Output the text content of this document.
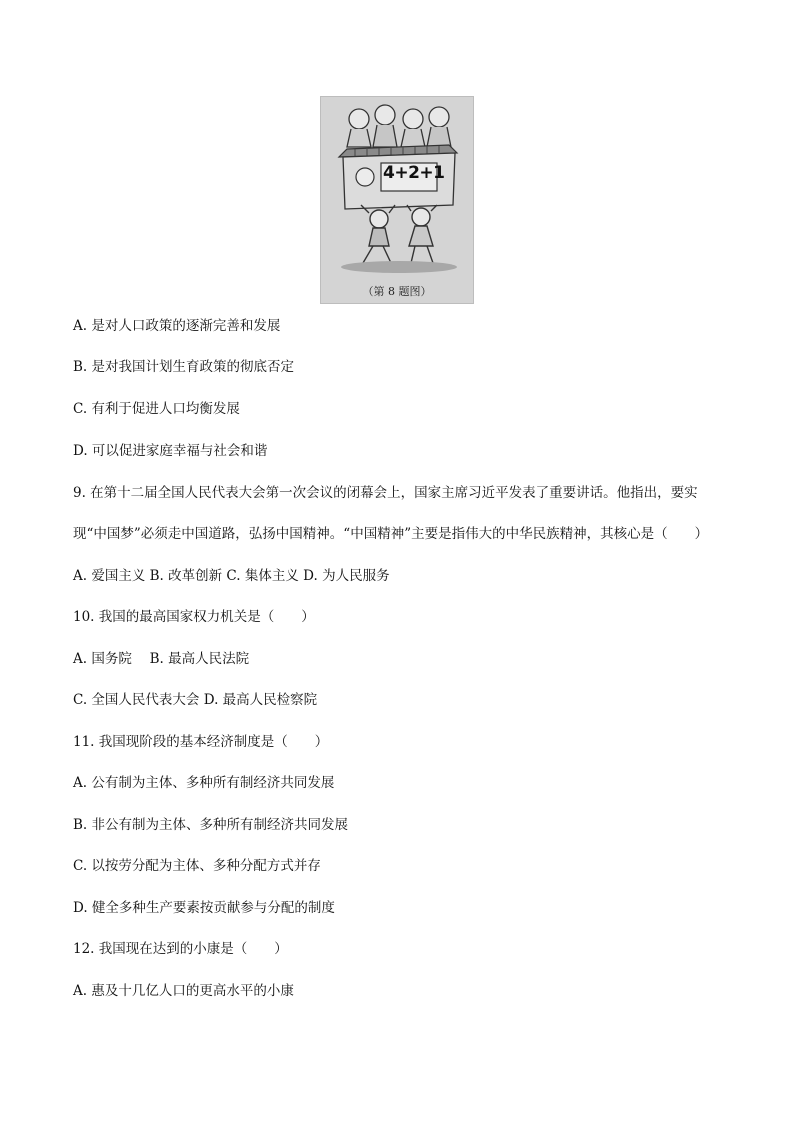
4+2+1
（第 8 题图）
A. 是对人口政策的逐渐完善和发展
B. 是对我国计划生育政策的彻底否定
C. 有利于促进人口均衡发展
D. 可以促进家庭幸福与社会和谐
9. 在第十二届全国人民代表大会第一次会议的闭幕会上，国家主席习近平发表了重要讲话。他指出，要实
现“中国梦”必须走中国道路，弘扬中国精神。“中国精神”主要是指伟大的中华民族精神，其核心是（　　）
A. 爱国主义 B. 改革创新 C. 集体主义 D. 为人民服务
10. 我国的最高国家权力机关是（　　）
A. 国务院　 B. 最高人民法院
C. 全国人民代表大会 D. 最高人民检察院
11. 我国现阶段的基本经济制度是（　　）
A. 公有制为主体、多种所有制经济共同发展
B. 非公有制为主体、多种所有制经济共同发展
C. 以按劳分配为主体、多种分配方式并存
D. 健全多种生产要素按贡献参与分配的制度
12. 我国现在达到的小康是（　　）
A. 惠及十几亿人口的更高水平的小康
